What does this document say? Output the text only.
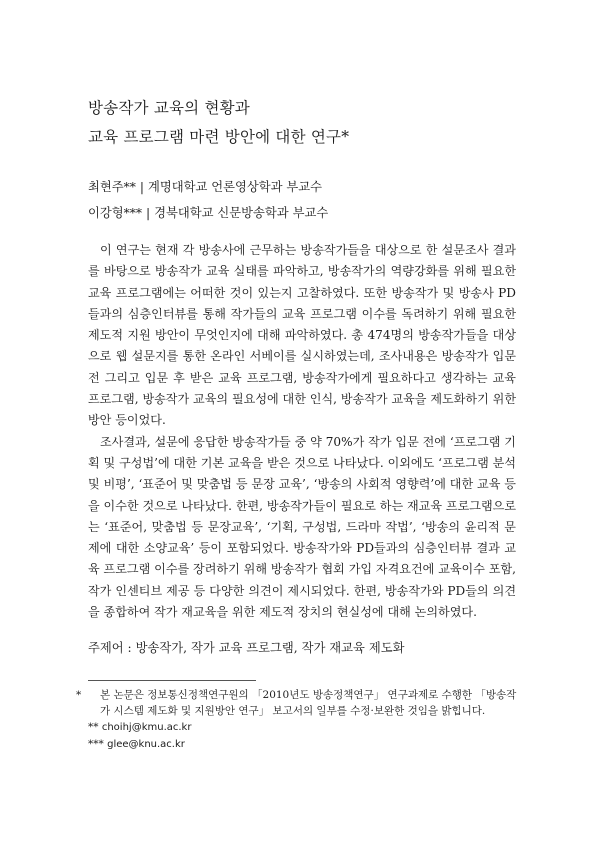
방송작가 교육의 현황과
교육 프로그램 마련 방안에 대한 연구*
최현주** | 계명대학교 언론영상학과 부교수
이강형*** | 경북대학교 신문방송학과 부교수

이 연구는 현재 각 방송사에 근무하는 방송작가들을 대상으로 한 설문조사 결과를 바탕으로 방송작가 교육 실태를 파악하고, 방송작가의 역량강화를 위해 필요한 교육 프로그램에는 어떠한 것이 있는지 고찰하였다. 또한 방송작가 및 방송사 PD들과의 심층인터뷰를 통해 작가들의 교육 프로그램 이수를 독려하기 위해 필요한 제도적 지원 방안이 무엇인지에 대해 파악하였다. 총 474명의 방송작가들을 대상으로 웹 설문지를 통한 온라인 서베이를 실시하였는데, 조사내용은 방송작가 입문 전 그리고 입문 후 받은 교육 프로그램, 방송작가에게 필요하다고 생각하는 교육 프로그램, 방송작가 교육의 필요성에 대한 인식, 방송작가 교육을 제도화하기 위한 방안 등이었다.

조사결과, 설문에 응답한 방송작가들 중 약 70%가 작가 입문 전에 ‘프로그램 기획 및 구성법’에 대한 기본 교육을 받은 것으로 나타났다. 이외에도 ‘프로그램 분석 및 비평’, ‘표준어 및 맞춤법 등 문장 교육’, ‘방송의 사회적 영향력’에 대한 교육 등을 이수한 것으로 나타났다. 한편, 방송작가들이 필요로 하는 재교육 프로그램으로는 ‘표준어, 맞춤법 등 문장교육’, ‘기획, 구성법, 드라마 작법’, ‘방송의 윤리적 문제에 대한 소양교육’ 등이 포함되었다. 방송작가와 PD들과의 심층인터뷰 결과 교육 프로그램 이수를 장려하기 위해 방송작가 협회 가입 자격요건에 교육이수 포함, 작가 인센티브 제공 등 다양한 의견이 제시되었다. 한편, 방송작가와 PD들의 의견을 종합하여 작가 재교육을 위한 제도적 장치의 현실성에 대해 논의하였다.

주제어 : 방송작가, 작가 교육 프로그램, 작가 재교육 제도화
* 본 논문은 정보통신정책연구원의 「2010년도 방송정책연구」 연구과제로 수행한 「방송작가 시스템 제도화 및 지원방안 연구」 보고서의 일부를 수정·보완한 것임을 밝힙니다.
** choihj@kmu.ac.kr
*** glee@knu.ac.kr
